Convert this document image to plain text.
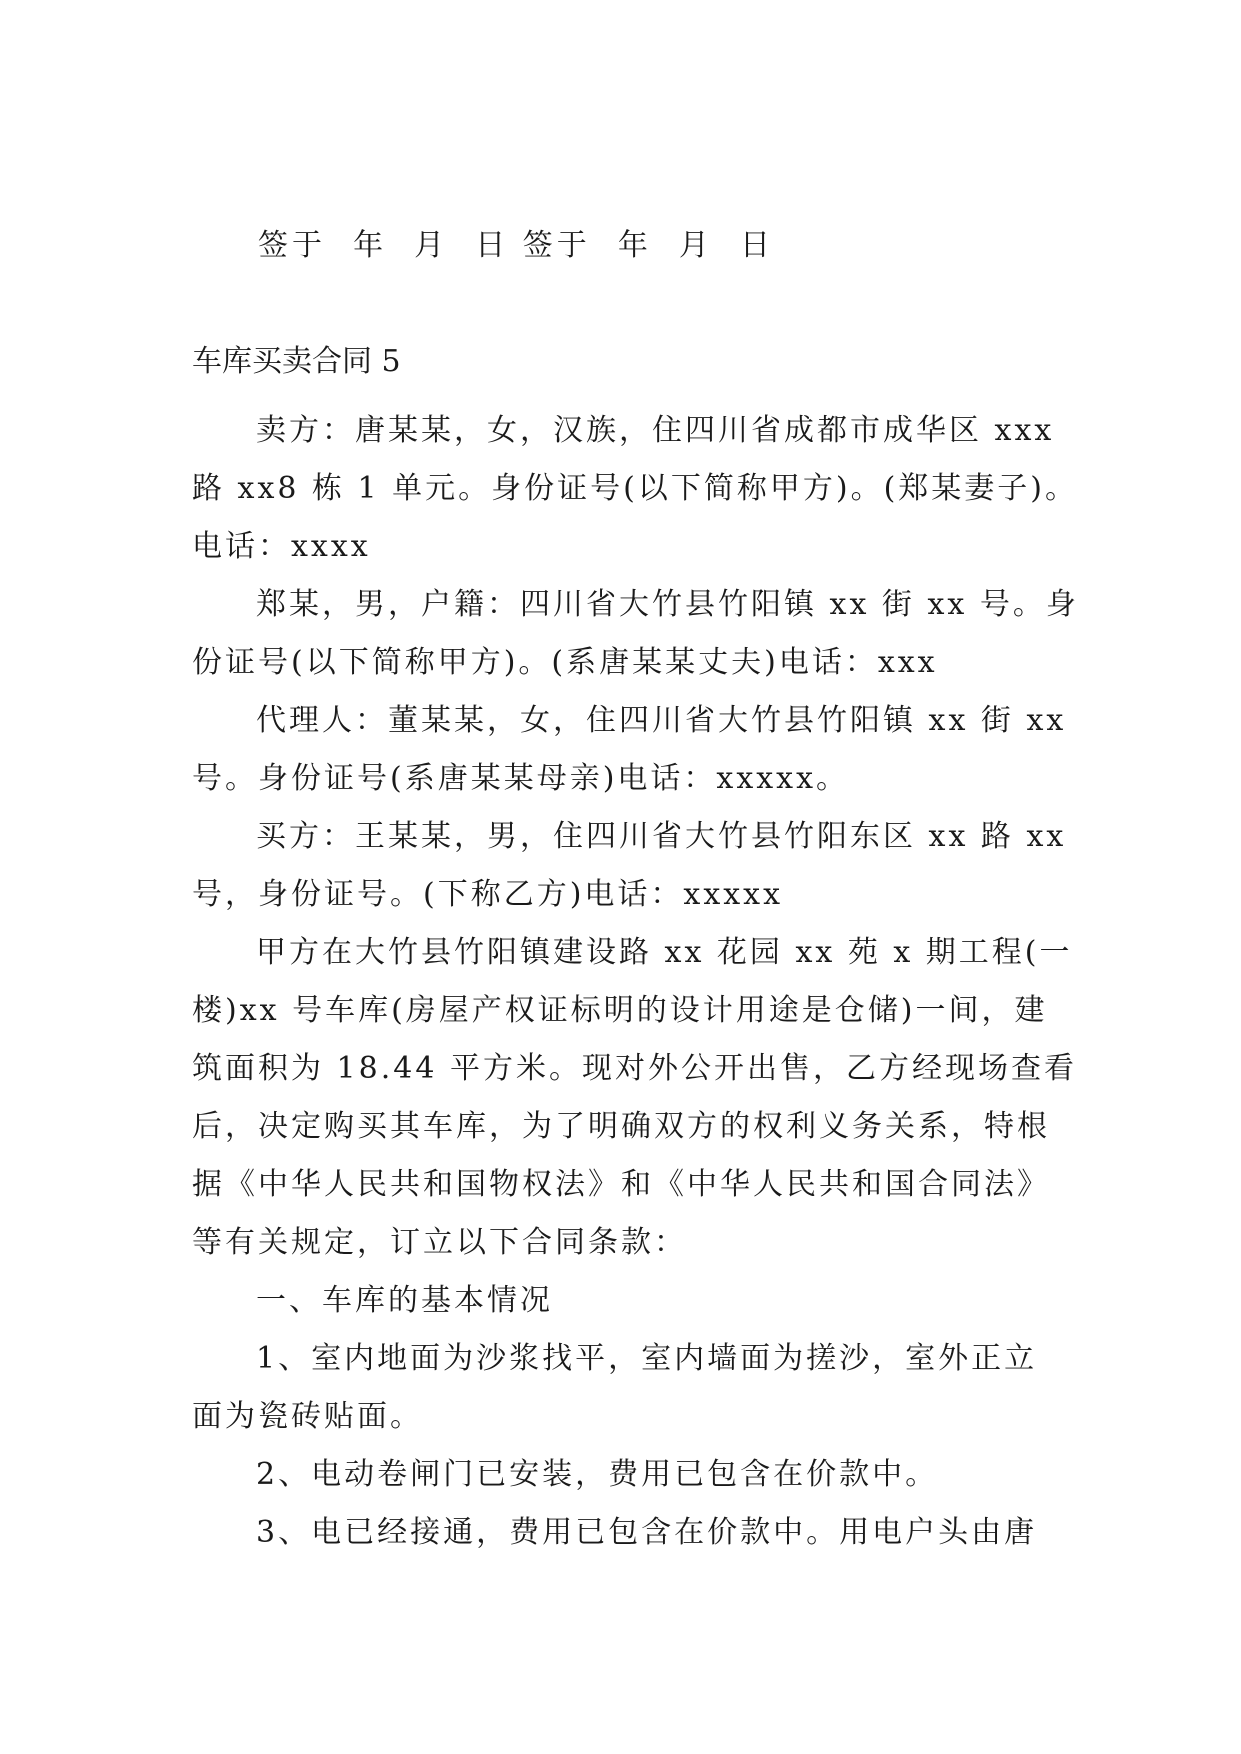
签于  年  月  日 签于  年  月  日
车库买卖合同 5

卖方：唐某某，女，汉族，住四川省成都市成华区 xxx
路 xx8 栋 1 单元。身份证号(以下简称甲方)。(郑某妻子)。
电话：xxxx

郑某，男，户籍：四川省大竹县竹阳镇 xx 街 xx 号。身
份证号(以下简称甲方)。(系唐某某丈夫)电话：xxx

代理人：董某某，女，住四川省大竹县竹阳镇 xx 街 xx
号。身份证号(系唐某某母亲)电话：xxxxx。

买方：王某某，男，住四川省大竹县竹阳东区 xx 路 xx
号，身份证号。(下称乙方)电话：xxxxx

甲方在大竹县竹阳镇建设路 xx 花园 xx 苑 x 期工程(一
楼)xx 号车库(房屋产权证标明的设计用途是仓储)一间，建
筑面积为 18.44 平方米。现对外公开出售，乙方经现场查看
后，决定购买其车库，为了明确双方的权利义务关系，特根
据《中华人民共和国物权法》和《中华人民共和国合同法》
等有关规定，订立以下合同条款：

一、车库的基本情况

1、室内地面为沙浆找平，室内墙面为搓沙，室外正立
面为瓷砖贴面。

2、电动卷闸门已安装，费用已包含在价款中。

3、电已经接通，费用已包含在价款中。用电户头由唐
